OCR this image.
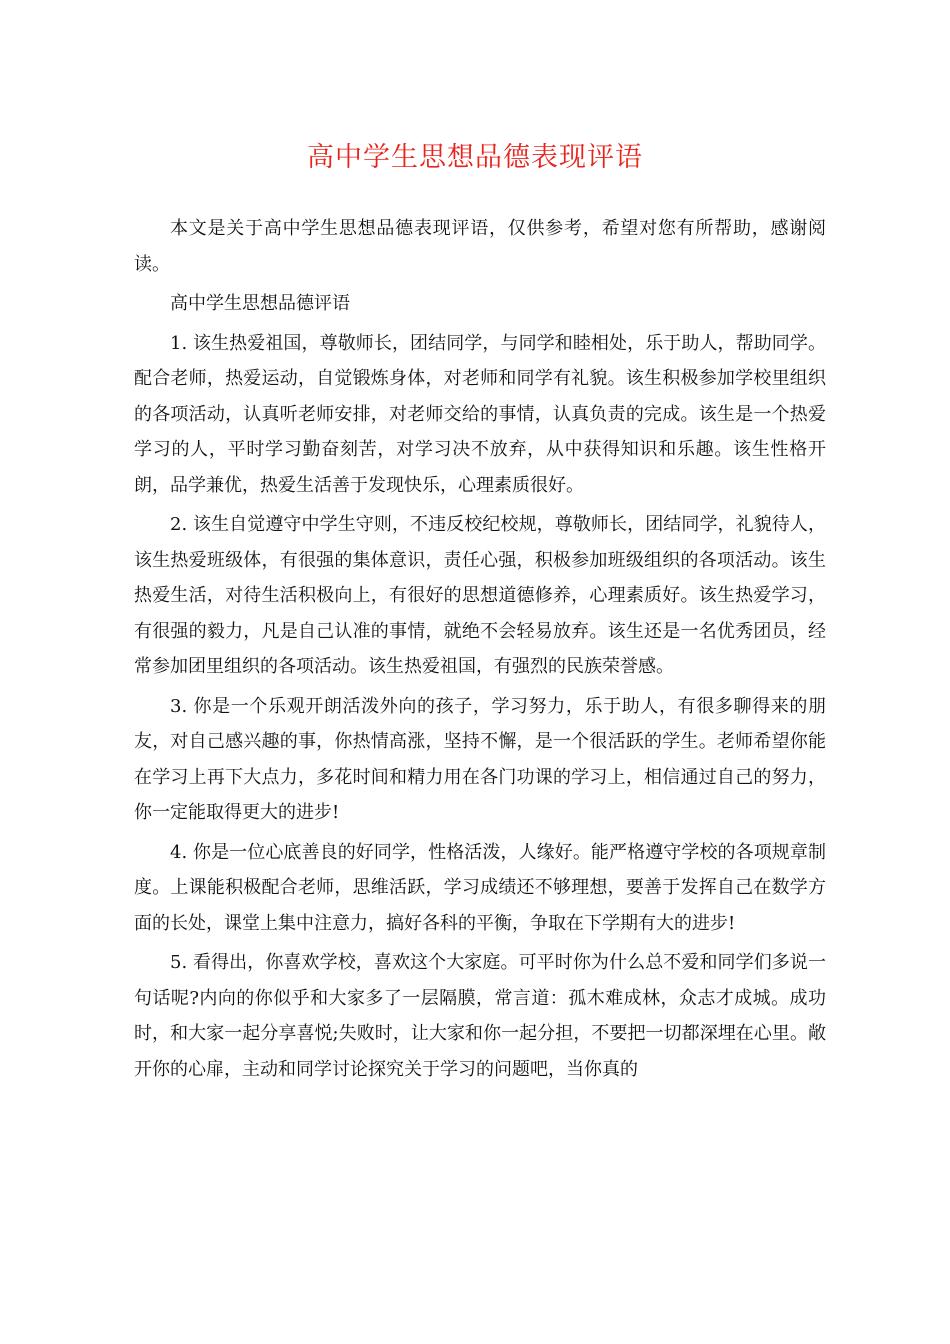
高中学生思想品德表现评语

本文是关于高中学生思想品德表现评语，仅供参考，希望对您有所帮助，感谢阅读。

高中学生思想品德评语

1. 该生热爱祖国，尊敬师长，团结同学，与同学和睦相处，乐于助人，帮助同学。配合老师，热爱运动，自觉锻炼身体，对老师和同学有礼貌。该生积极参加学校里组织的各项活动，认真听老师安排，对老师交给的事情，认真负责的完成。该生是一个热爱学习的人，平时学习勤奋刻苦，对学习决不放弃，从中获得知识和乐趣。该生性格开朗，品学兼优，热爱生活善于发现快乐，心理素质很好。

2. 该生自觉遵守中学生守则，不违反校纪校规，尊敬师长，团结同学，礼貌待人，该生热爱班级体，有很强的集体意识，责任心强，积极参加班级组织的各项活动。该生热爱生活，对待生活积极向上，有很好的思想道德修养，心理素质好。该生热爱学习，有很强的毅力，凡是自己认准的事情，就绝不会轻易放弃。该生还是一名优秀团员，经常参加团里组织的各项活动。该生热爱祖国，有强烈的民族荣誉感。

3. 你是一个乐观开朗活泼外向的孩子，学习努力，乐于助人，有很多聊得来的朋友，对自己感兴趣的事，你热情高涨，坚持不懈，是一个很活跃的学生。老师希望你能在学习上再下大点力，多花时间和精力用在各门功课的学习上，相信通过自己的努力，你一定能取得更大的进步!

4. 你是一位心底善良的好同学，性格活泼，人缘好。能严格遵守学校的各项规章制度。上课能积极配合老师，思维活跃，学习成绩还不够理想，要善于发挥自己在数学方面的长处，课堂上集中注意力，搞好各科的平衡，争取在下学期有大的进步!

5. 看得出，你喜欢学校，喜欢这个大家庭。可平时你为什么总不爱和同学们多说一句话呢?内向的你似乎和大家多了一层隔膜，常言道：孤木难成林，众志才成城。成功时，和大家一起分享喜悦;失败时，让大家和你一起分担，不要把一切都深埋在心里。敞开你的心扉，主动和同学讨论探究关于学习的问题吧，当你真的
